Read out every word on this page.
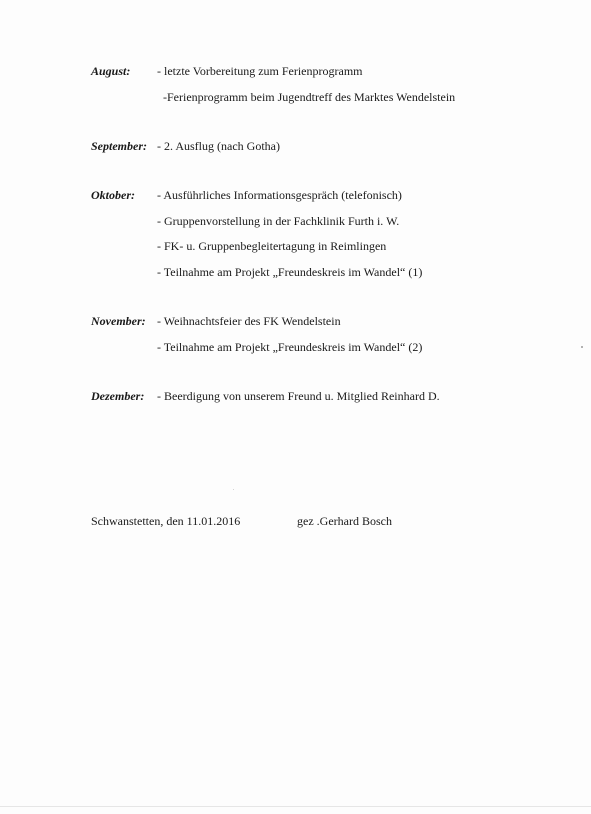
August: - letzte Vorbereitung zum Ferienprogramm
-Ferienprogramm beim Jugendtreff des Marktes Wendelstein
September: - 2. Ausflug (nach Gotha)
Oktober: - Ausführliches Informationsgespräch (telefonisch)
- Gruppenvorstellung in der Fachklinik Furth i. W.
- FK- u. Gruppenbegleitertagung in Reimlingen
- Teilnahme am Projekt „Freundeskreis im Wandel“ (1)
November: - Weihnachtsfeier des FK Wendelstein
- Teilnahme am Projekt „Freundeskreis im Wandel“ (2)
Dezember: - Beerdigung von unserem Freund u. Mitglied Reinhard D.
Schwanstetten, den 11.01.2016	gez .Gerhard Bosch
